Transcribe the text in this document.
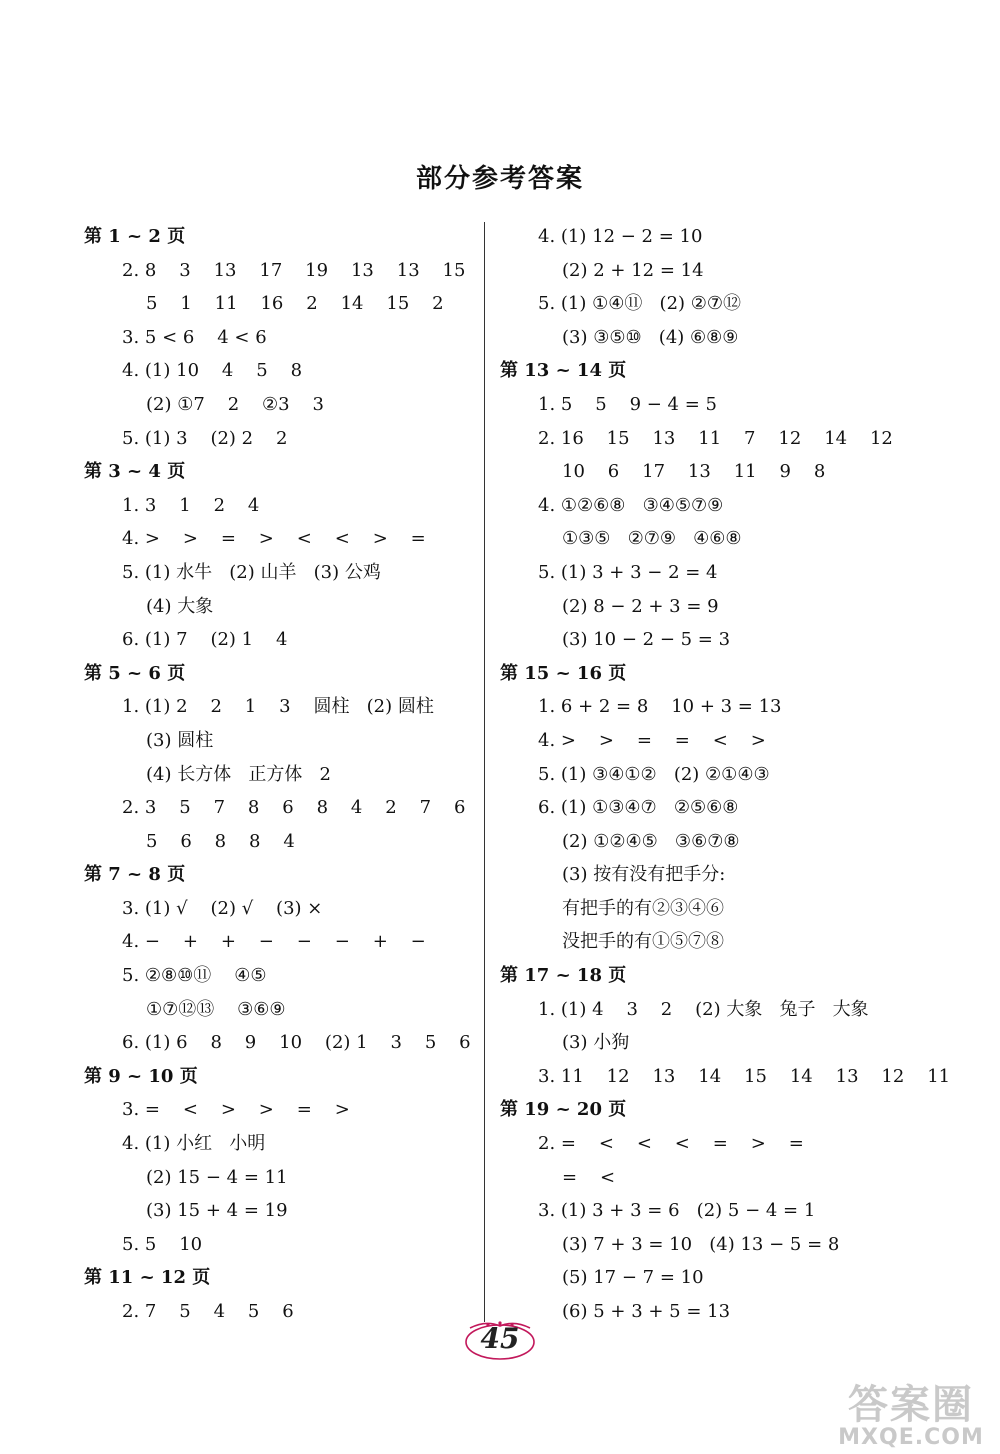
部分参考答案
第 1 ~ 2 页
2. 8    3    13    17    19    13    13    15
5    1    11    16    2    14    15    2
3. 5 < 6    4 < 6
4. (1) 10    4    5    8
(2) ①7    2    ②3    3
5. (1) 3    (2) 2    2
第 3 ~ 4 页
1. 3    1    2    4
4. >    >    =    >    <    <    >    =
5. (1) 水牛   (2) 山羊   (3) 公鸡
(4) 大象
6. (1) 7    (2) 1    4
第 5 ~ 6 页
1. (1) 2    2    1    3    圆柱   (2) 圆柱
(3) 圆柱
(4) 长方体   正方体   2
2. 3    5    7    8    6    8    4    2    7    6
5    6    8    8    4
第 7 ~ 8 页
3. (1) √    (2) √    (3) ×
4. −    +    +    −    −    −    +    −
5. ②⑧⑩⑪    ④⑤
①⑦⑫⑬    ③⑥⑨
6. (1) 6    8    9    10    (2) 1    3    5    6
第 9 ~ 10 页
3. =    <    >    >    =    >
4. (1) 小红   小明
(2) 15 − 4 = 11
(3) 15 + 4 = 19
5. 5    10
第 11 ~ 12 页
2. 7    5    4    5    6
4. (1) 12 − 2 = 10
(2) 2 + 12 = 14
5. (1) ①④⑪   (2) ②⑦⑫
(3) ③⑤⑩   (4) ⑥⑧⑨
第 13 ~ 14 页
1. 5    5    9 − 4 = 5
2. 16    15    13    11    7    12    14    12
10    6    17    13    11    9    8
4. ①②⑥⑧   ③④⑤⑦⑨
①③⑤   ②⑦⑨   ④⑥⑧
5. (1) 3 + 3 − 2 = 4
(2) 8 − 2 + 3 = 9
(3) 10 − 2 − 5 = 3
第 15 ~ 16 页
1. 6 + 2 = 8    10 + 3 = 13
4. >    >    =    =    <    >
5. (1) ③④①②   (2) ②①④③
6. (1) ①③④⑦   ②⑤⑥⑧
(2) ①②④⑤   ③⑥⑦⑧
(3) 按有没有把手分:
有把手的有②③④⑥
没把手的有①⑤⑦⑧
第 17 ~ 18 页
1. (1) 4    3    2    (2) 大象   兔子   大象
(3) 小狗
3. 11    12    13    14    15    14    13    12    11
第 19 ~ 20 页
2. =    <    <    <    =    >    =
=    <
3. (1) 3 + 3 = 6   (2) 5 − 4 = 1
(3) 7 + 3 = 10   (4) 13 − 5 = 8
(5) 17 − 7 = 10
(6) 5 + 3 + 5 = 13
45
答案圈
MXQE.COM
